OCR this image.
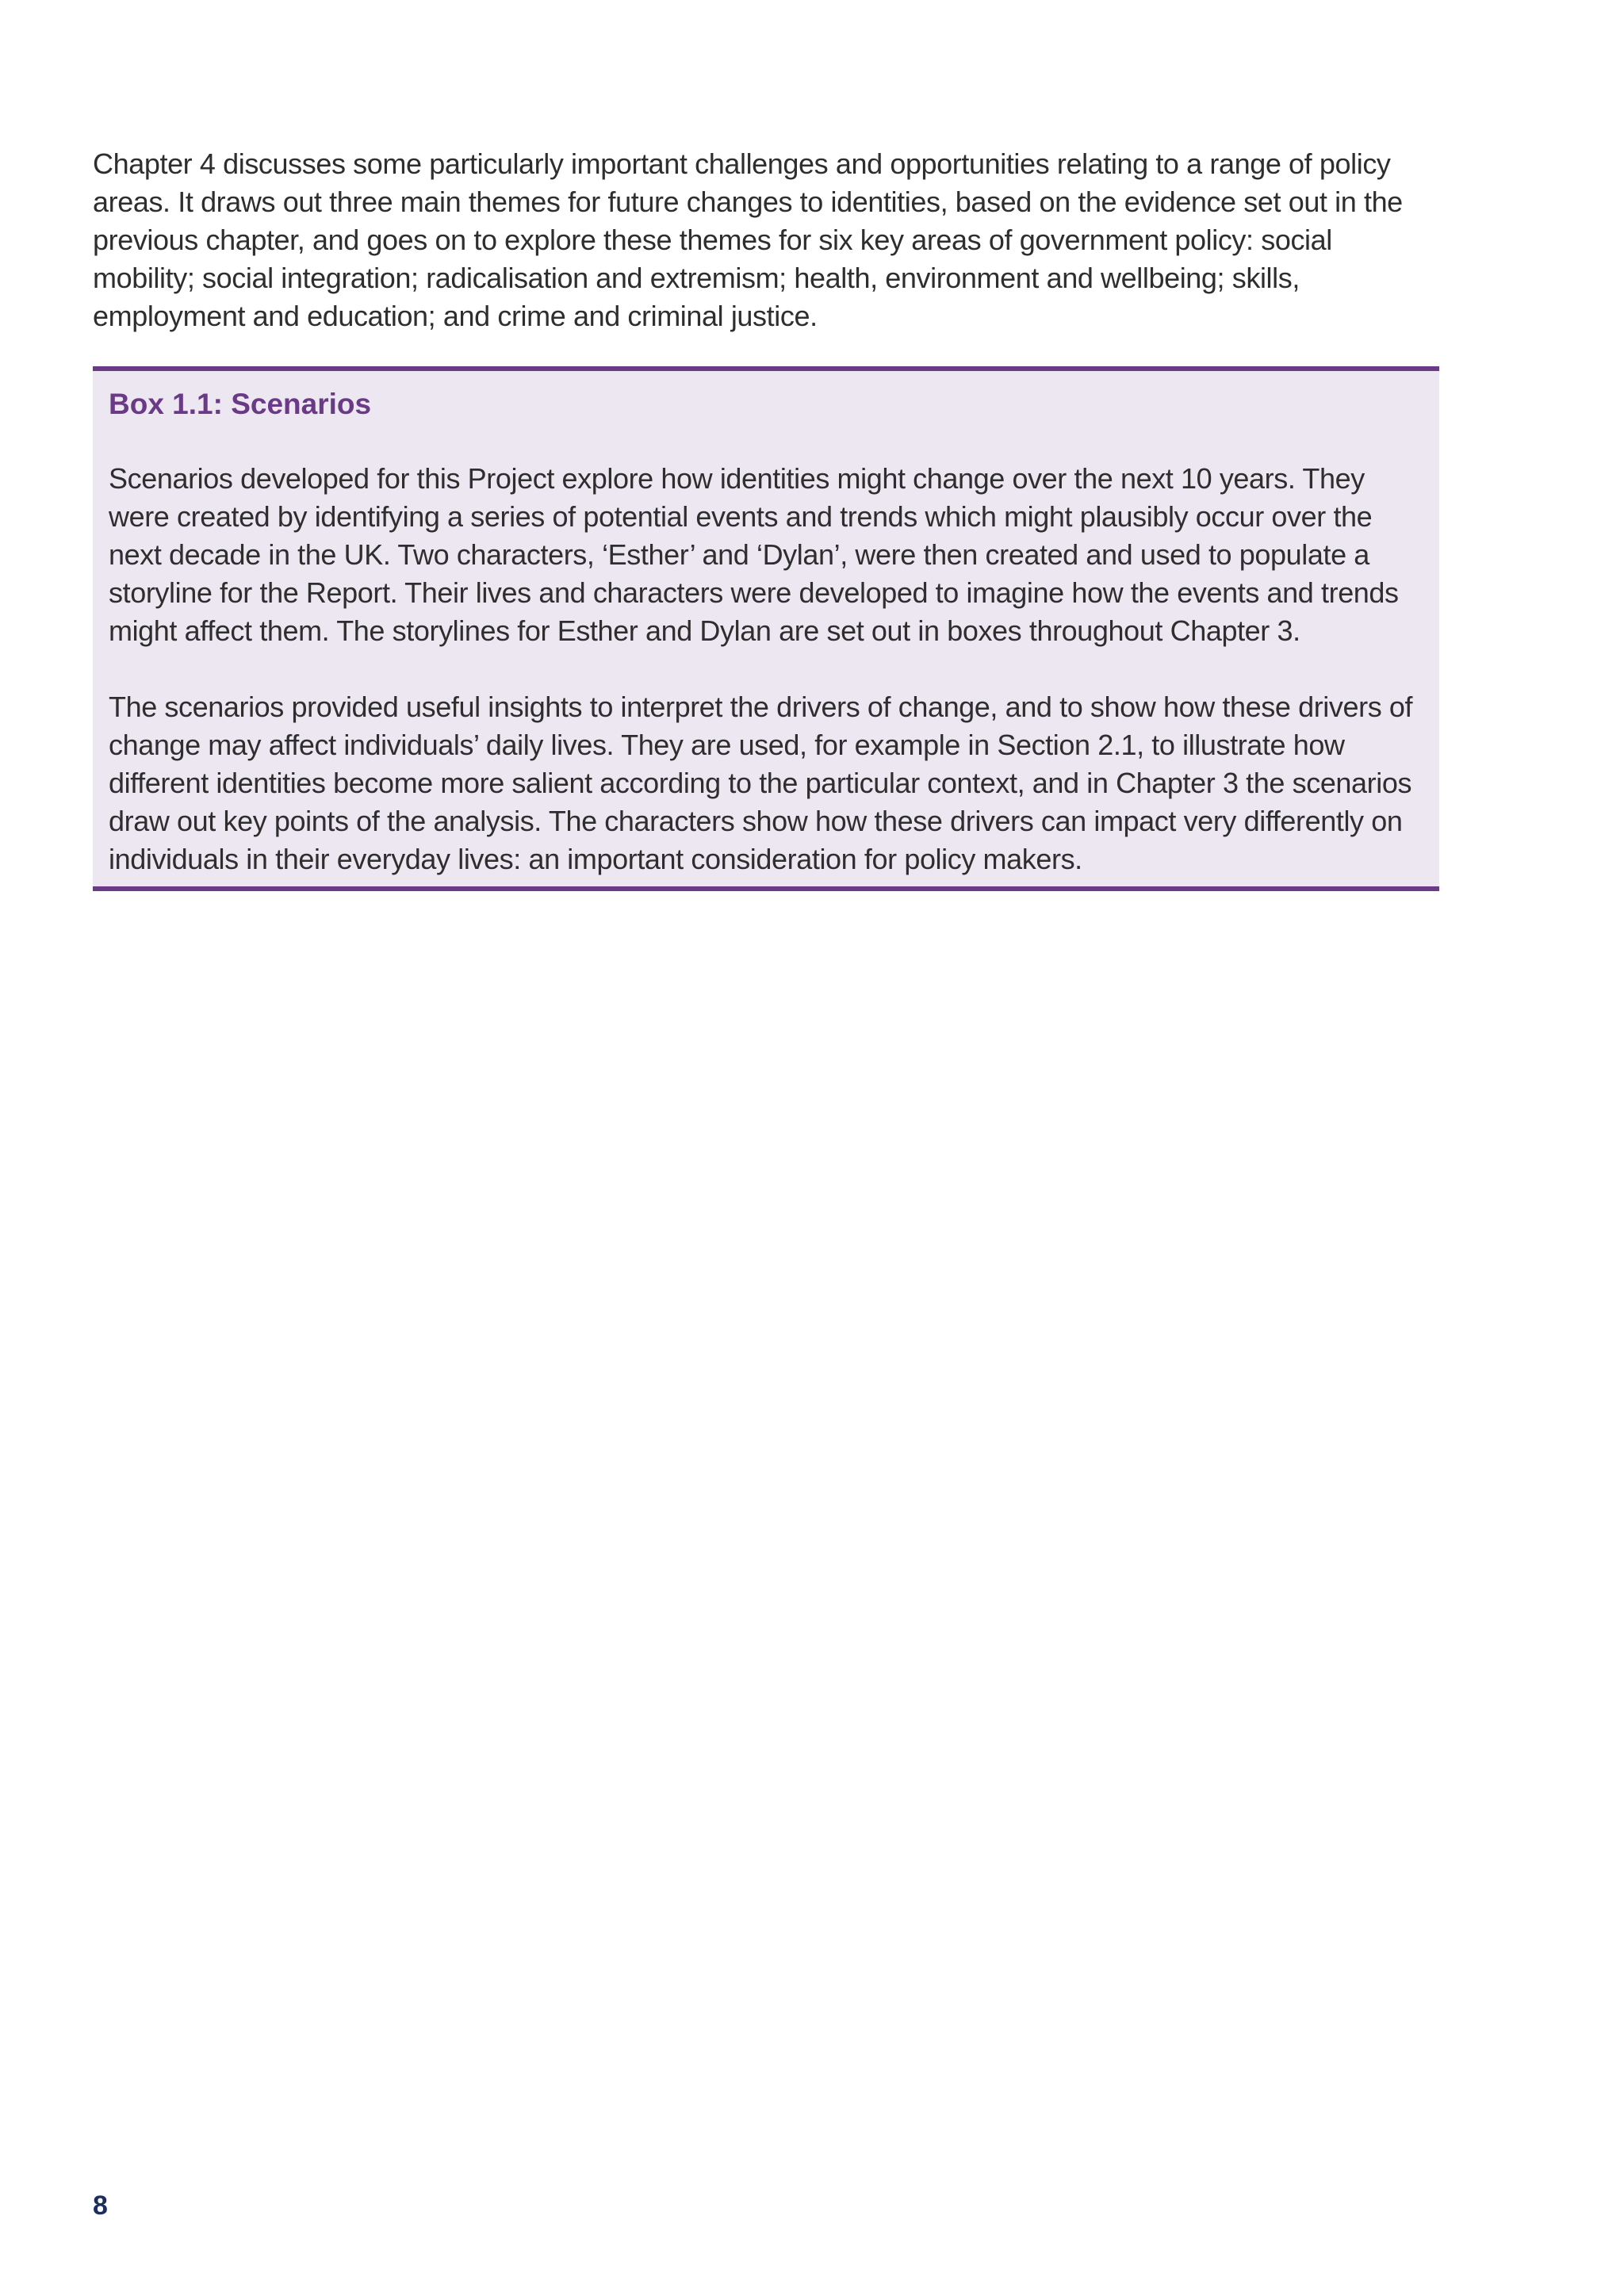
Chapter 4 discusses some particularly important challenges and opportunities relating to a range of policy areas. It draws out three main themes for future changes to identities, based on the evidence set out in the previous chapter, and goes on to explore these themes for six key areas of government policy: social mobility; social integration; radicalisation and extremism; health, environment and wellbeing; skills, employment and education; and crime and criminal justice.

Box 1.1: Scenarios

Scenarios developed for this Project explore how identities might change over the next 10 years. They were created by identifying a series of potential events and trends which might plausibly occur over the next decade in the UK. Two characters, ‘Esther’ and ‘Dylan’, were then created and used to populate a storyline for the Report. Their lives and characters were developed to imagine how the events and trends might affect them. The storylines for Esther and Dylan are set out in boxes throughout Chapter 3.

The scenarios provided useful insights to interpret the drivers of change, and to show how these drivers of change may affect individuals’ daily lives. They are used, for example in Section 2.1, to illustrate how different identities become more salient according to the particular context, and in Chapter 3 the scenarios draw out key points of the analysis. The characters show how these drivers can impact very differently on individuals in their everyday lives: an important consideration for policy makers.

8
